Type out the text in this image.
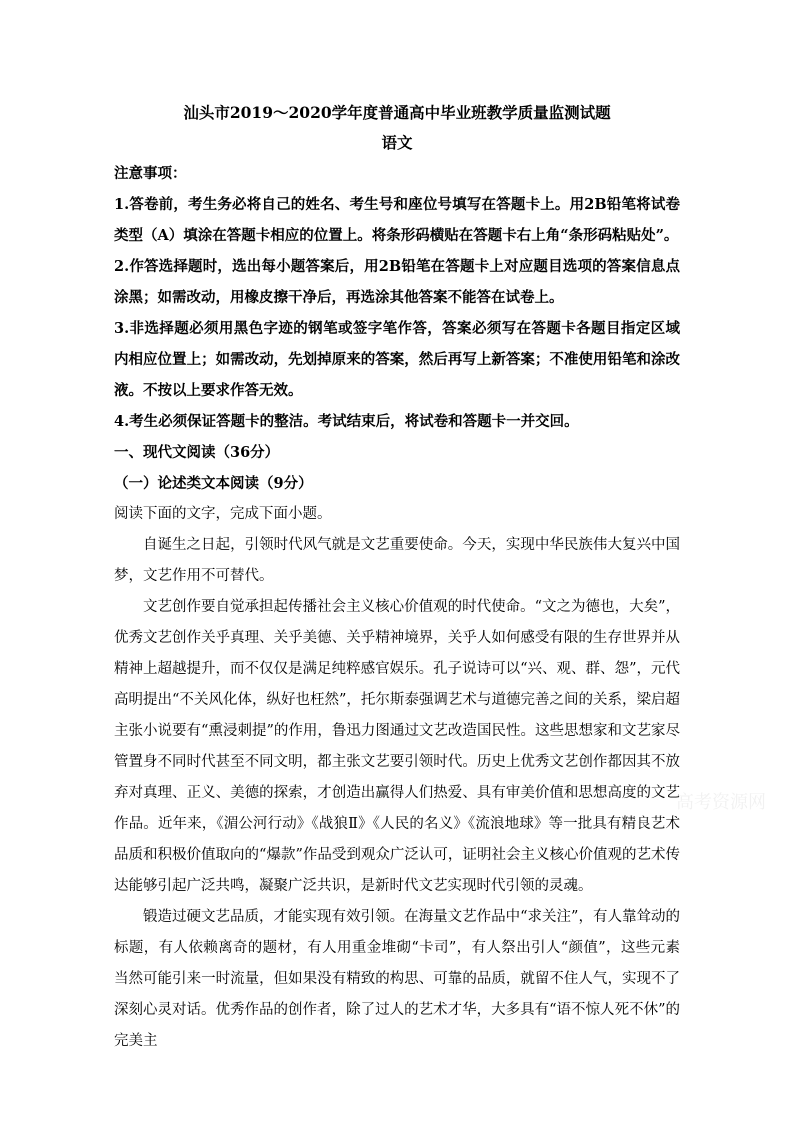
汕头市2019～2020学年度普通高中毕业班教学质量监测试题
语文

注意事项：

1.答卷前，考生务必将自己的姓名、考生号和座位号填写在答题卡上。用2B铅笔将试卷类型（A）填涂在答题卡相应的位置上。将条形码横贴在答题卡右上角“条形码粘贴处”。

2.作答选择题时，选出每小题答案后，用2B铅笔在答题卡上对应题目选项的答案信息点涂黑；如需改动，用橡皮擦干净后，再选涂其他答案不能答在试卷上。

3.非选择题必须用黑色字迹的钢笔或签字笔作答，答案必须写在答题卡各题目指定区域内相应位置上；如需改动，先划掉原来的答案，然后再写上新答案；不准使用铅笔和涂改液。不按以上要求作答无效。

4.考生必须保证答题卡的整洁。考试结束后，将试卷和答题卡一并交回。

一、现代文阅读（36分）

（一）论述类文本阅读（9分）

阅读下面的文字，完成下面小题。

自诞生之日起，引领时代风气就是文艺重要使命。今天，实现中华民族伟大复兴中国梦，文艺作用不可替代。

文艺创作要自觉承担起传播社会主义核心价值观的时代使命。“文之为德也，大矣”，优秀文艺创作关乎真理、关乎美德、关乎精神境界，关乎人如何感受有限的生存世界并从精神上超越提升，而不仅仅是满足纯粹感官娱乐。孔子说诗可以“兴、观、群、怨”，元代高明提出“不关风化体，纵好也枉然”，托尔斯泰强调艺术与道德完善之间的关系，梁启超主张小说要有“熏浸刺提”的作用，鲁迅力图通过文艺改造国民性。这些思想家和文艺家尽管置身不同时代甚至不同文明，都主张文艺要引领时代。历史上优秀文艺创作都因其不放弃对真理、正义、美德的探索，才创造出赢得人们热爱、具有审美价值和思想高度的文艺作品。近年来，《湄公河行动》《战狼Ⅱ》《人民的名义》《流浪地球》等一批具有精良艺术品质和积极价值取向的“爆款”作品受到观众广泛认可，证明社会主义核心价值观的艺术传达能够引起广泛共鸣，凝聚广泛共识，是新时代文艺实现时代引领的灵魂。

锻造过硬文艺品质，才能实现有效引领。在海量文艺作品中“求关注”，有人靠耸动的标题，有人依赖离奇的题材，有人用重金堆砌“卡司”，有人祭出引人“颜值”，这些元素当然可能引来一时流量，但如果没有精致的构思、可靠的品质，就留不住人气，实现不了深刻心灵对话。优秀作品的创作者，除了过人的艺术才华，大多具有“语不惊人死不休”的完美主

高考资源网
